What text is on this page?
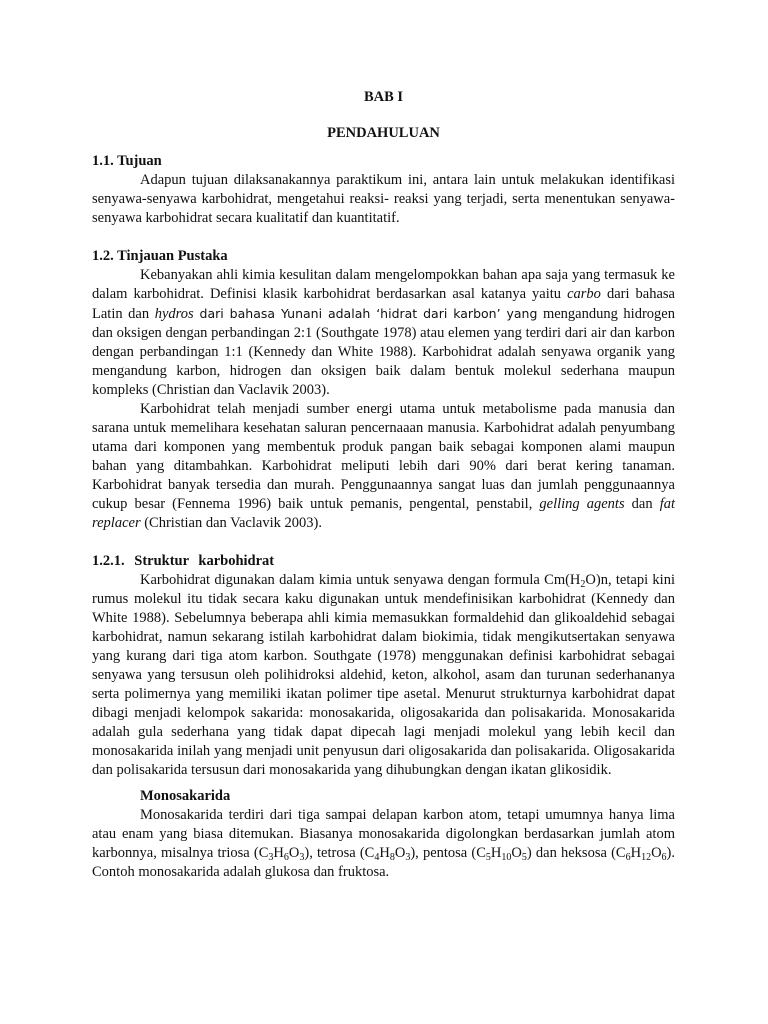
BAB I
PENDAHULUAN
1.1. Tujuan

Adapun tujuan dilaksanakannya paraktikum ini, antara lain untuk melakukan identifikasi senyawa-senyawa karbohidrat, mengetahui reaksi- reaksi yang terjadi, serta menentukan senyawa-senyawa karbohidrat secara kualitatif dan kuantitatif.

1.2. Tinjauan Pustaka

Kebanyakan ahli kimia kesulitan dalam mengelompokkan bahan apa saja yang termasuk ke dalam karbohidrat. Definisi klasik karbohidrat berdasarkan asal katanya yaitu carbo dari bahasa Latin dan hydros dari bahasa Yunani adalah ‘hidrat dari karbon’ yang mengandung hidrogen dan oksigen dengan perbandingan 2:1 (Southgate 1978) atau elemen yang terdiri dari air dan karbon dengan perbandingan 1:1 (Kennedy dan White 1988). Karbohidrat adalah senyawa organik yang mengandung karbon, hidrogen dan oksigen baik dalam bentuk molekul sederhana maupun kompleks (Christian dan Vaclavik 2003).

Karbohidrat telah menjadi sumber energi utama untuk metabolisme pada manusia dan sarana untuk memelihara kesehatan saluran pencernaaan manusia. Karbohidrat adalah penyumbang utama dari komponen yang membentuk produk pangan baik sebagai komponen alami maupun bahan yang ditambahkan. Karbohidrat meliputi lebih dari 90% dari berat kering tanaman. Karbohidrat banyak tersedia dan murah. Penggunaannya sangat luas dan jumlah penggunaannya cukup besar (Fennema 1996) baik untuk pemanis, pengental, penstabil, gelling agents dan fat replacer (Christian dan Vaclavik 2003).

1.2.1. Struktur karbohidrat

Karbohidrat digunakan dalam kimia untuk senyawa dengan formula $Cm(H_2O)n$, tetapi kini rumus molekul itu tidak secara kaku digunakan untuk mendefinisikan karbohidrat (Kennedy dan White 1988). Sebelumnya beberapa ahli kimia memasukkan formaldehid dan glikoaldehid sebagai karbohidrat, namun sekarang istilah karbohidrat dalam biokimia, tidak mengikutsertakan senyawa yang kurang dari tiga atom karbon. Southgate (1978) menggunakan definisi karbohidrat sebagai senyawa yang tersusun oleh polihidroksi aldehid, keton, alkohol, asam dan turunan sederhananya serta polimernya yang memiliki ikatan polimer tipe asetal. Menurut strukturnya karbohidrat dapat dibagi menjadi kelompok sakarida: monosakarida, oligosakarida dan polisakarida. Monosakarida adalah gula sederhana yang tidak dapat dipecah lagi menjadi molekul yang lebih kecil dan monosakarida inilah yang menjadi unit penyusun dari oligosakarida dan polisakarida. Oligosakarida dan polisakarida tersusun dari monosakarida yang dihubungkan dengan ikatan glikosidik.

Monosakarida

Monosakarida terdiri dari tiga sampai delapan karbon atom, tetapi umumnya hanya lima atau enam yang biasa ditemukan. Biasanya monosakarida digolongkan berdasarkan jumlah atom karbonnya, misalnya triosa $(C_3H_6O_3)$, tetrosa $(C_4H_8O_3)$, pentosa $(C_5H_{10}O_5)$ dan heksosa $(C_6H_{12}O_6)$. Contoh monosakarida adalah glukosa dan fruktosa.
